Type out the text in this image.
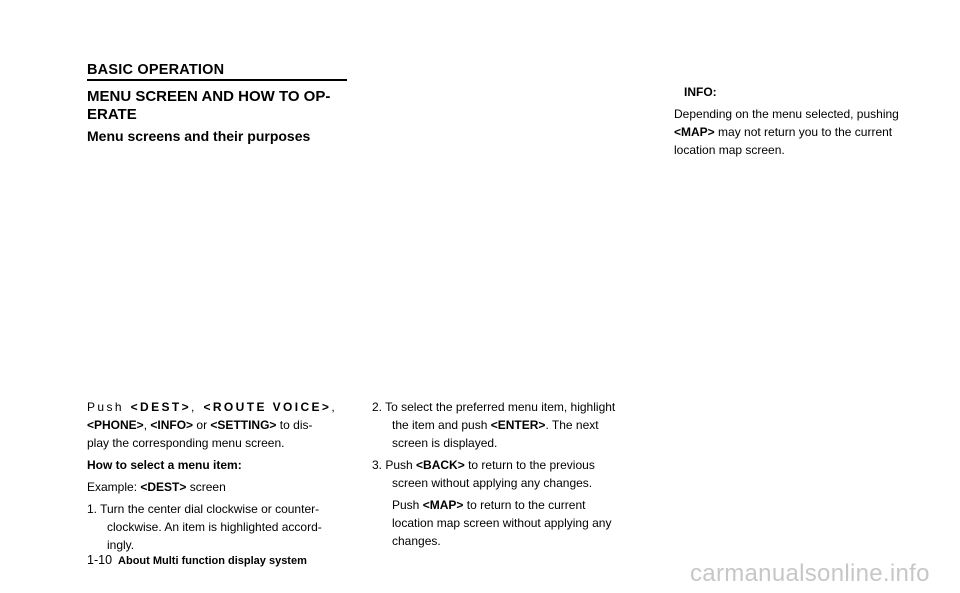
BASIC OPERATION
MENU SCREEN AND HOW TO OP-
ERATE
Menu screens and their purposes
Push <DEST>, <ROUTE VOICE>,
<PHONE>, <INFO> or <SETTING> to dis-
play the corresponding menu screen.
How to select a menu item:
Example: <DEST> screen
1. Turn the center dial clockwise or counter-
clockwise. An item is highlighted accord-
ingly.
2. To select the preferred menu item, highlight
the item and push <ENTER>. The next
screen is displayed.
3. Push <BACK> to return to the previous
screen without applying any changes.
Push <MAP> to return to the current
location map screen without applying any
changes.
INFO:
Depending on the menu selected, pushing
<MAP> may not return you to the current
location map screen.
1-10 About Multi function display system	carmanualsonline.info
